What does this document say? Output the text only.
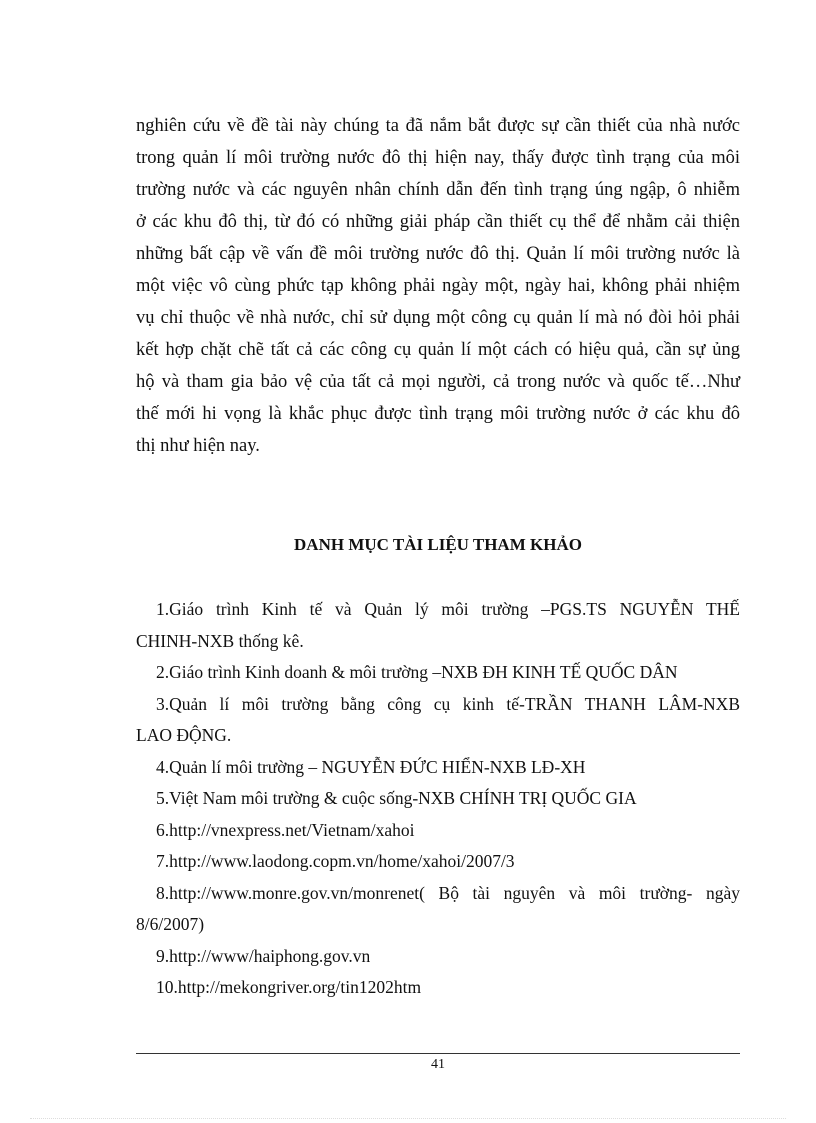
nghiên cứu về đề tài này chúng ta đã nắm bắt được sự cần thiết của nhà nước
trong quản lí môi trường nước đô thị hiện nay, thấy được tình trạng của môi
trường nước và các nguyên nhân chính dẫn đến tình trạng úng ngập, ô nhiễm
ở các khu đô thị, từ đó có những giải pháp cần thiết cụ thể để nhằm cải thiện
những bất cập về vấn đề môi trường nước đô thị. Quản lí môi trường nước là
một việc vô cùng phức tạp không phải ngày một, ngày hai, không phải nhiệm
vụ chỉ thuộc về nhà nước, chỉ sử dụng một công cụ quản lí mà nó đòi hỏi phải
kết hợp chặt chẽ tất cả các công cụ quản lí một cách có hiệu quả, cần sự ủng
hộ và tham gia bảo vệ của tất cả mọi người, cả trong nước và quốc tế…Như
thế mới hi vọng là khắc phục được tình trạng môi trường nước ở các khu đô
thị như hiện nay.
DANH MỤC TÀI LIỆU THAM KHẢO
1.Giáo trình Kinh tế và Quản lý môi trường –PGS.TS NGUYỄN THẾ
CHINH-NXB thống kê.
2.Giáo trình Kinh doanh & môi trường –NXB ĐH KINH TẾ QUỐC DÂN
3.Quản lí môi trường bằng công cụ kinh tế-TRẦN THANH LÂM-NXB
LAO ĐỘNG.
4.Quản lí môi trường – NGUYỄN ĐỨC HIỂN-NXB LĐ-XH
5.Việt Nam môi trường & cuộc sống-NXB CHÍNH TRỊ QUỐC GIA
6.http://vnexpress.net/Vietnam/xahoi
7.http://www.laodong.copm.vn/home/xahoi/2007/3
8.http://www.monre.gov.vn/monrenet( Bộ tài nguyên và môi trường- ngày
8/6/2007)
9.http://www/haiphong.gov.vn
10.http://mekongriver.org/tin1202htm
41
